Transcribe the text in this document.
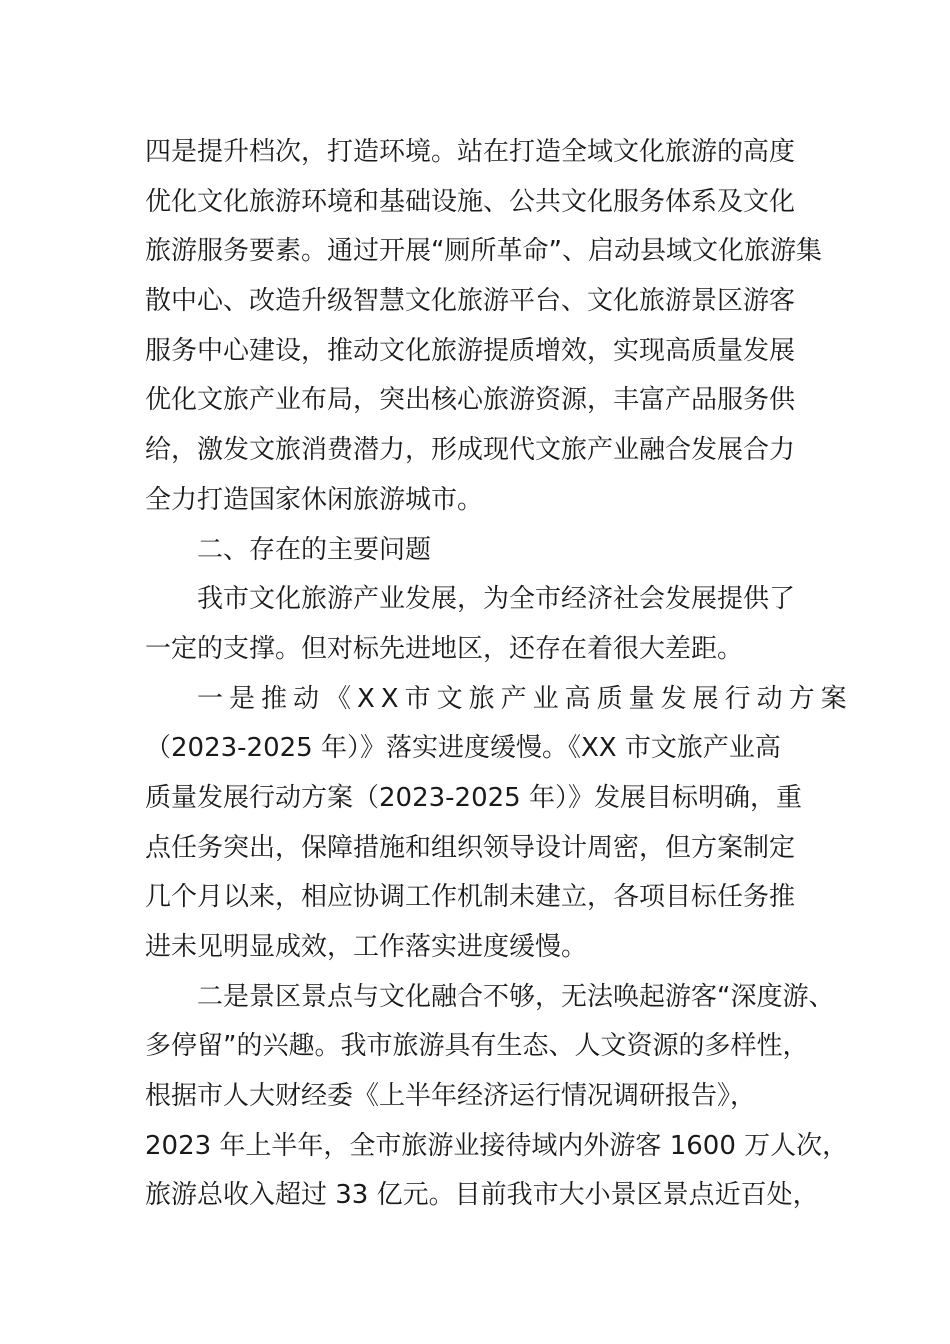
四是提升档次，打造环境。站在打造全域文化旅游的高度
优化文化旅游环境和基础设施、公共文化服务体系及文化
旅游服务要素。通过开展“厕所革命”、启动县域文化旅游集
散中心、改造升级智慧文化旅游平台、文化旅游景区游客
服务中心建设，推动文化旅游提质增效，实现高质量发展
优化文旅产业布局，突出核心旅游资源，丰富产品服务供
给，激发文旅消费潜力，形成现代文旅产业融合发展合力
全力打造国家休闲旅游城市。
二、存在的主要问题
我市文化旅游产业发展，为全市经济社会发展提供了
一定的支撑。但对标先进地区，还存在着很大差距。
一是推动《XX市文旅产业高质量发展行动方案
（2023-2025 年）》落实进度缓慢。《XX 市文旅产业高
质量发展行动方案（2023-2025 年）》发展目标明确，重
点任务突出，保障措施和组织领导设计周密，但方案制定
几个月以来，相应协调工作机制未建立，各项目标任务推
进未见明显成效，工作落实进度缓慢。
二是景区景点与文化融合不够，无法唤起游客“深度游、
多停留”的兴趣。我市旅游具有生态、人文资源的多样性，
根据市人大财经委《上半年经济运行情况调研报告》，
2023 年上半年，全市旅游业接待域内外游客 1600 万人次，
旅游总收入超过 33 亿元。目前我市大小景区景点近百处，
